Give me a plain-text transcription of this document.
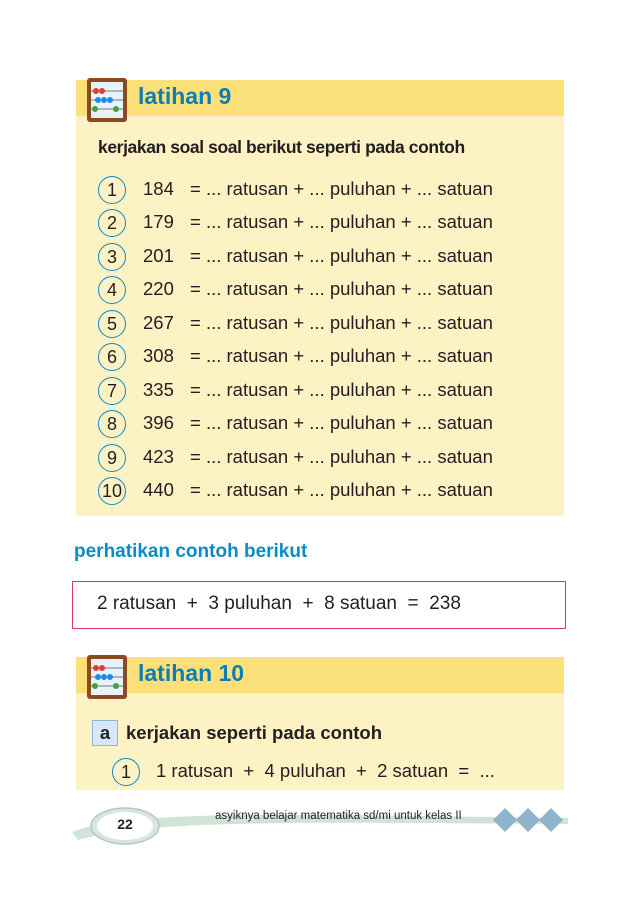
latihan 9
kerjakan soal soal berikut seperti pada contoh
1	184 = ... ratusan + ... puluhan + ... satuan
2	179 = ... ratusan + ... puluhan + ... satuan
3	201 = ... ratusan + ... puluhan + ... satuan
4	220 = ... ratusan + ... puluhan + ... satuan
5	267 = ... ratusan + ... puluhan + ... satuan
6	308 = ... ratusan + ... puluhan + ... satuan
7	335 = ... ratusan + ... puluhan + ... satuan
8	396 = ... ratusan + ... puluhan + ... satuan
9	423 = ... ratusan + ... puluhan + ... satuan
10 440 = ... ratusan + ... puluhan + ... satuan
perhatikan contoh berikut
2 ratusan  +  3 puluhan  +  8 satuan  =  238
latihan 10
a kerjakan seperti pada contoh
1	1 ratusan  +  4 puluhan  +  2 satuan  =  ...
22	asyiknya belajar matematika sd/mi untuk kelas II
